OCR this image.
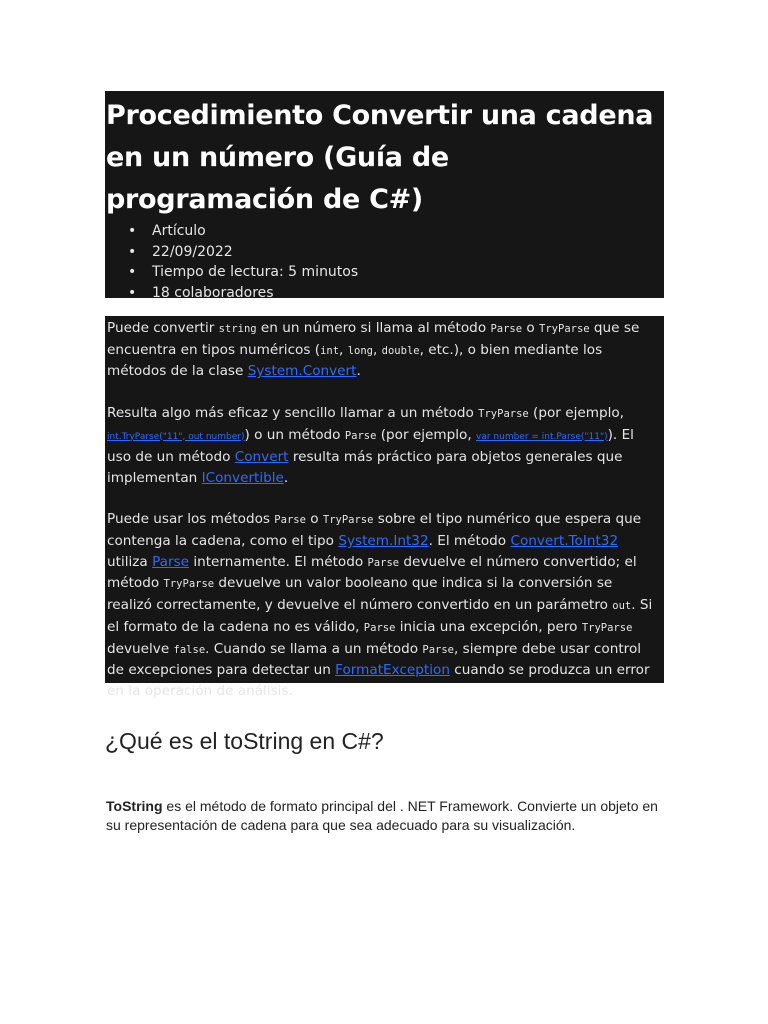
Procedimiento Convertir una cadena en un número (Guía de programación de C#)
• Artículo
• 22/09/2022
• Tiempo de lectura: 5 minutos
• 18 colaboradores

Puede convertir string en un número si llama al método Parse o TryParse que se encuentra en tipos numéricos (int, long, double, etc.), o bien mediante los métodos de la clase System.Convert.

Resulta algo más eficaz y sencillo llamar a un método TryParse (por ejemplo, int.TryParse("11", out number)) o un método Parse (por ejemplo, var number = int.Parse("11")). El uso de un método Convert resulta más práctico para objetos generales que implementan IConvertible.

Puede usar los métodos Parse o TryParse sobre el tipo numérico que espera que contenga la cadena, como el tipo System.Int32. El método Convert.ToInt32 utiliza Parse internamente. El método Parse devuelve el número convertido; el método TryParse devuelve un valor booleano que indica si la conversión se realizó correctamente, y devuelve el número convertido en un parámetro out. Si el formato de la cadena no es válido, Parse inicia una excepción, pero TryParse devuelve false. Cuando se llama a un método Parse, siempre debe usar control de excepciones para detectar un FormatException cuando se produzca un error en la operación de análisis.

¿Qué es el toString en C#?

ToString es el método de formato principal del . NET Framework. Convierte un objeto en su representación de cadena para que sea adecuado para su visualización.
